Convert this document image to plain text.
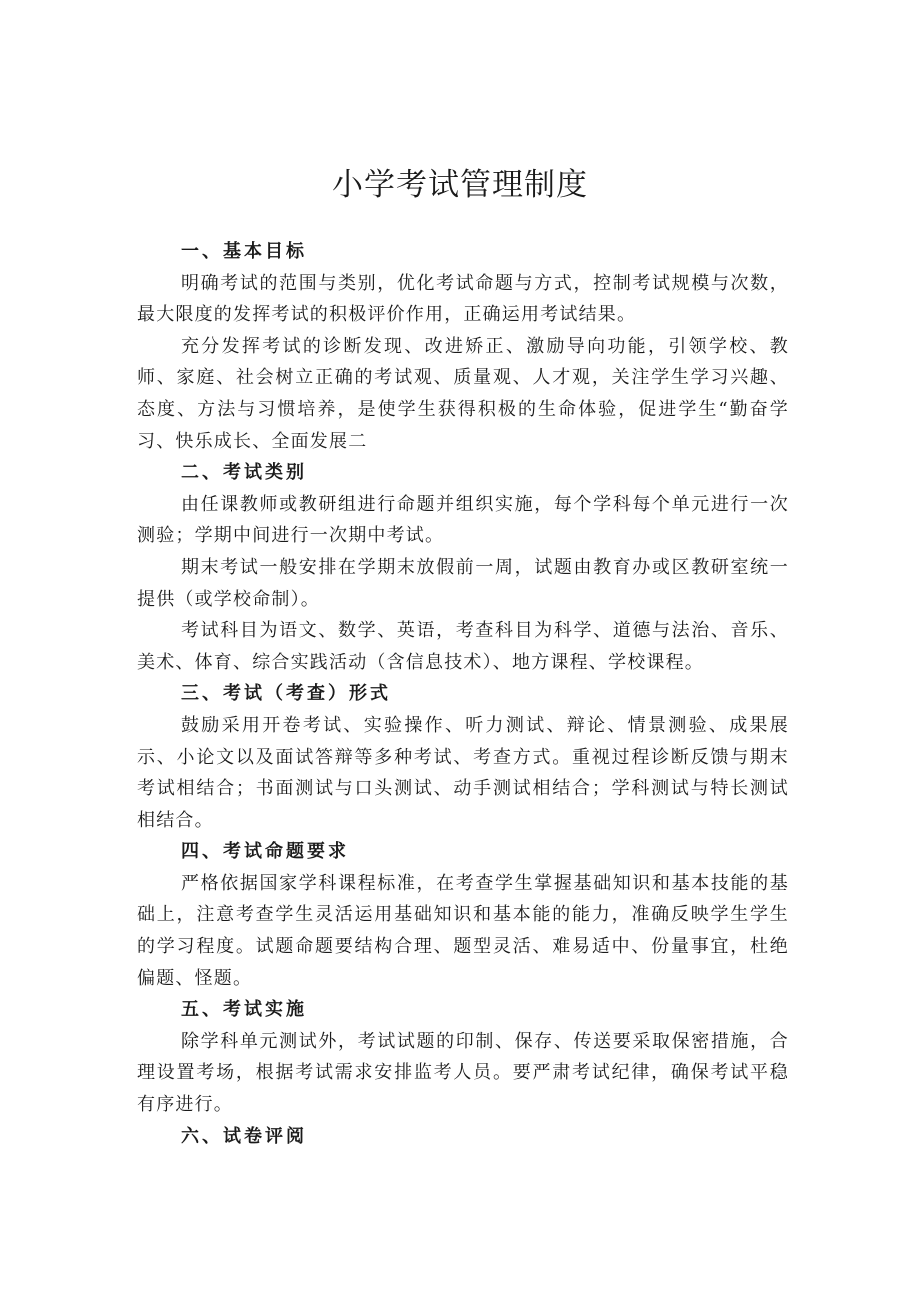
小学考试管理制度

一、基本目标

明确考试的范围与类别，优化考试命题与方式，控制考试规模与次数，最大限度的发挥考试的积极评价作用，正确运用考试结果。

充分发挥考试的诊断发现、改进矫正、激励导向功能，引领学校、教师、家庭、社会树立正确的考试观、质量观、人才观，关注学生学习兴趣、态度、方法与习惯培养，是使学生获得积极的生命体验，促进学生“勤奋学习、快乐成长、全面发展二

二、考试类别

由任课教师或教研组进行命题并组织实施，每个学科每个单元进行一次测验；学期中间进行一次期中考试。

期末考试一般安排在学期末放假前一周，试题由教育办或区教研室统一提供（或学校命制）。

考试科目为语文、数学、英语，考查科目为科学、道德与法治、音乐、美术、体育、综合实践活动（含信息技术）、地方课程、学校课程。

三、考试（考查）形式

鼓励采用开卷考试、实验操作、听力测试、辩论、情景测验、成果展示、小论文以及面试答辩等多种考试、考查方式。重视过程诊断反馈与期末考试相结合；书面测试与口头测试、动手测试相结合；学科测试与特长测试相结合。

四、考试命题要求

严格依据国家学科课程标准，在考查学生掌握基础知识和基本技能的基础上，注意考查学生灵活运用基础知识和基本能的能力，准确反映学生学生的学习程度。试题命题要结构合理、题型灵活、难易适中、份量事宜，杜绝偏题、怪题。

五、考试实施

除学科单元测试外，考试试题的印制、保存、传送要采取保密措施，合理设置考场，根据考试需求安排监考人员。要严肃考试纪律，确保考试平稳有序进行。

六、试卷评阅
